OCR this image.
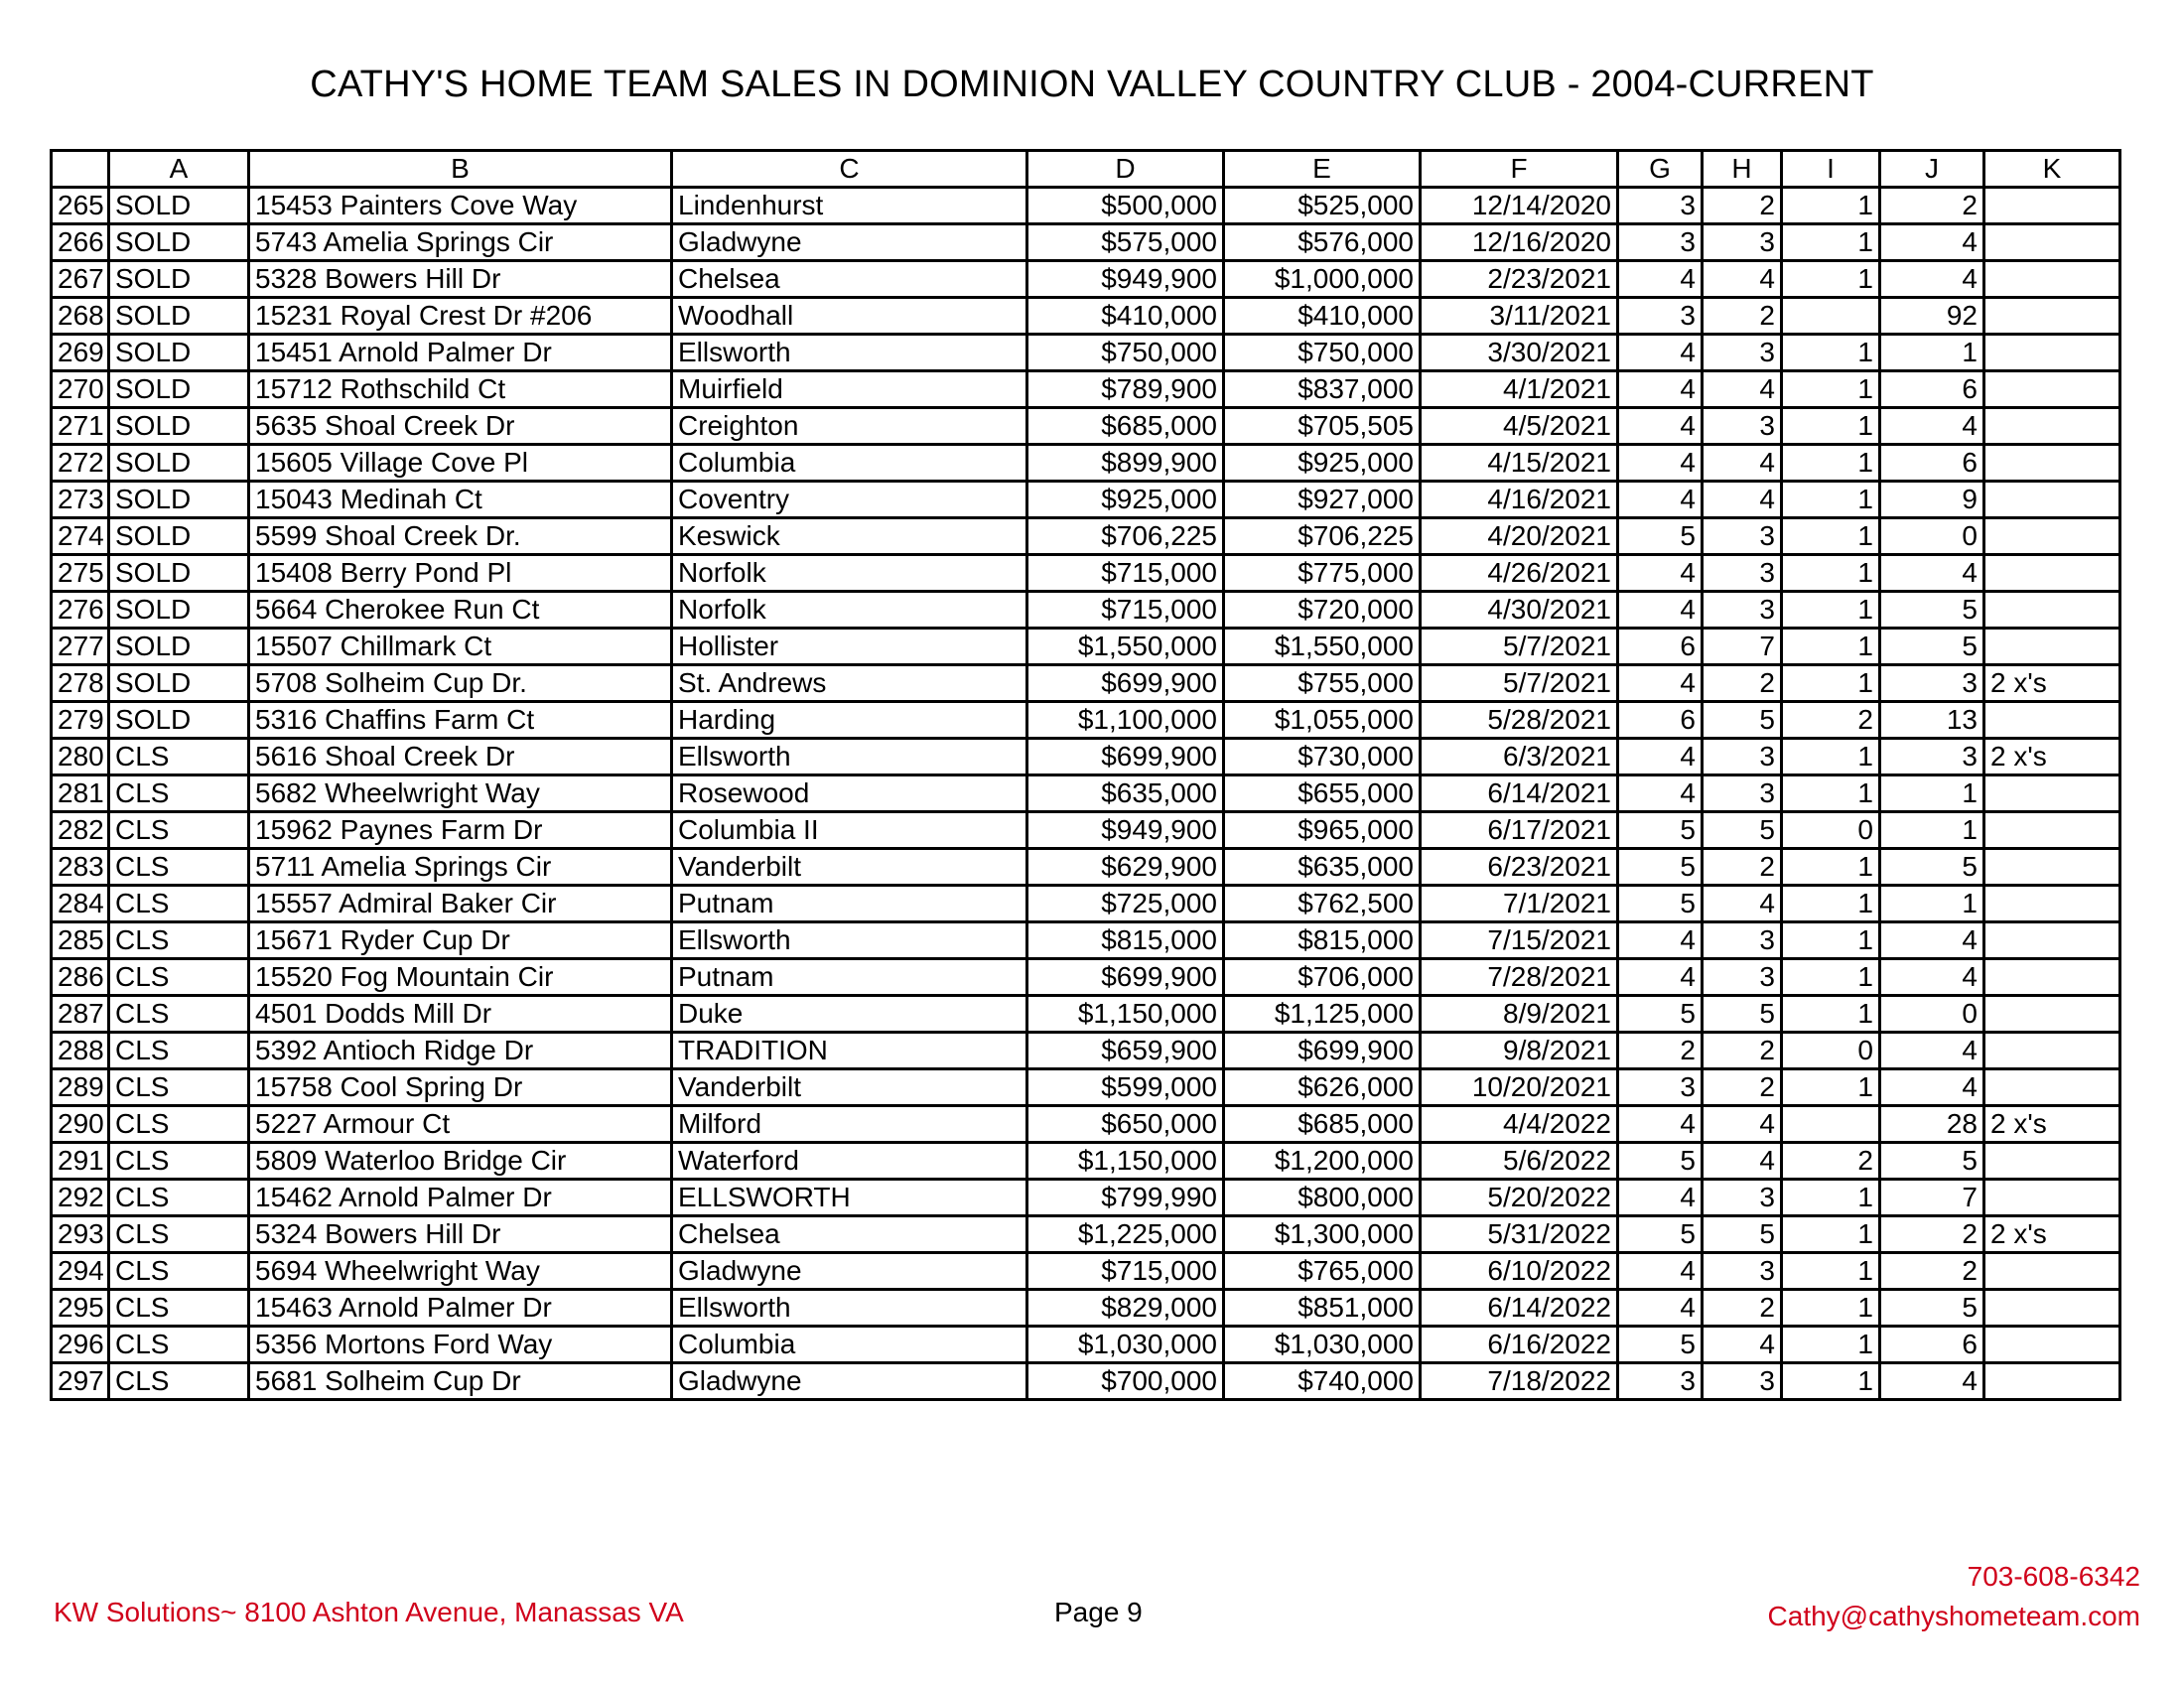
CATHY'S HOME TEAM SALES IN DOMINION VALLEY COUNTRY CLUB - 2004-CURRENT
	A	B	C	D	E	F	G	H	I	J	K
265	SOLD	15453 Painters Cove Way	Lindenhurst	$500,000	$525,000	12/14/2020	3	2	1	2	
266	SOLD	5743 Amelia Springs Cir	Gladwyne	$575,000	$576,000	12/16/2020	3	3	1	4	
267	SOLD	5328 Bowers Hill Dr	Chelsea	$949,900	$1,000,000	2/23/2021	4	4	1	4	
268	SOLD	15231 Royal Crest Dr #206	Woodhall	$410,000	$410,000	3/11/2021	3	2		92	
269	SOLD	15451 Arnold Palmer Dr	Ellsworth	$750,000	$750,000	3/30/2021	4	3	1	1	
270	SOLD	15712 Rothschild Ct	Muirfield	$789,900	$837,000	4/1/2021	4	4	1	6	
271	SOLD	5635 Shoal Creek Dr	Creighton	$685,000	$705,505	4/5/2021	4	3	1	4	
272	SOLD	15605 Village Cove Pl	Columbia	$899,900	$925,000	4/15/2021	4	4	1	6	
273	SOLD	15043 Medinah Ct	Coventry	$925,000	$927,000	4/16/2021	4	4	1	9	
274	SOLD	5599 Shoal Creek Dr.	Keswick	$706,225	$706,225	4/20/2021	5	3	1	0	
275	SOLD	15408 Berry Pond Pl	Norfolk	$715,000	$775,000	4/26/2021	4	3	1	4	
276	SOLD	5664 Cherokee Run Ct	Norfolk	$715,000	$720,000	4/30/2021	4	3	1	5	
277	SOLD	15507 Chillmark Ct	Hollister	$1,550,000	$1,550,000	5/7/2021	6	7	1	5	
278	SOLD	5708 Solheim Cup Dr.	St. Andrews	$699,900	$755,000	5/7/2021	4	2	1	3	2 x's
279	SOLD	5316 Chaffins Farm Ct	Harding	$1,100,000	$1,055,000	5/28/2021	6	5	2	13	
280	CLS	5616 Shoal Creek Dr	Ellsworth	$699,900	$730,000	6/3/2021	4	3	1	3	2 x's
281	CLS	5682 Wheelwright Way	Rosewood	$635,000	$655,000	6/14/2021	4	3	1	1	
282	CLS	15962 Paynes Farm Dr	Columbia II	$949,900	$965,000	6/17/2021	5	5	0	1	
283	CLS	5711 Amelia Springs Cir	Vanderbilt	$629,900	$635,000	6/23/2021	5	2	1	5	
284	CLS	15557 Admiral Baker Cir	Putnam	$725,000	$762,500	7/1/2021	5	4	1	1	
285	CLS	15671 Ryder Cup Dr	Ellsworth	$815,000	$815,000	7/15/2021	4	3	1	4	
286	CLS	15520 Fog Mountain Cir	Putnam	$699,900	$706,000	7/28/2021	4	3	1	4	
287	CLS	4501 Dodds Mill Dr	Duke	$1,150,000	$1,125,000	8/9/2021	5	5	1	0	
288	CLS	5392 Antioch Ridge Dr	TRADITION	$659,900	$699,900	9/8/2021	2	2	0	4	
289	CLS	15758 Cool Spring Dr	Vanderbilt	$599,000	$626,000	10/20/2021	3	2	1	4	
290	CLS	5227 Armour Ct	Milford	$650,000	$685,000	4/4/2022	4	4		28	2 x's
291	CLS	5809 Waterloo Bridge Cir	Waterford	$1,150,000	$1,200,000	5/6/2022	5	4	2	5	
292	CLS	15462 Arnold Palmer Dr	ELLSWORTH	$799,990	$800,000	5/20/2022	4	3	1	7	
293	CLS	5324 Bowers Hill Dr	Chelsea	$1,225,000	$1,300,000	5/31/2022	5	5	1	2	2 x's
294	CLS	5694 Wheelwright Way	Gladwyne	$715,000	$765,000	6/10/2022	4	3	1	2	
295	CLS	15463 Arnold Palmer Dr	Ellsworth	$829,000	$851,000	6/14/2022	4	2	1	5	
296	CLS	5356 Mortons Ford Way	Columbia	$1,030,000	$1,030,000	6/16/2022	5	4	1	6	
297	CLS	5681 Solheim Cup Dr	Gladwyne	$700,000	$740,000	7/18/2022	3	3	1	4	
KW Solutions~ 8100 Ashton Avenue, Manassas VA	Page 9
703-608-6342
Cathy@cathyshometeam.com
